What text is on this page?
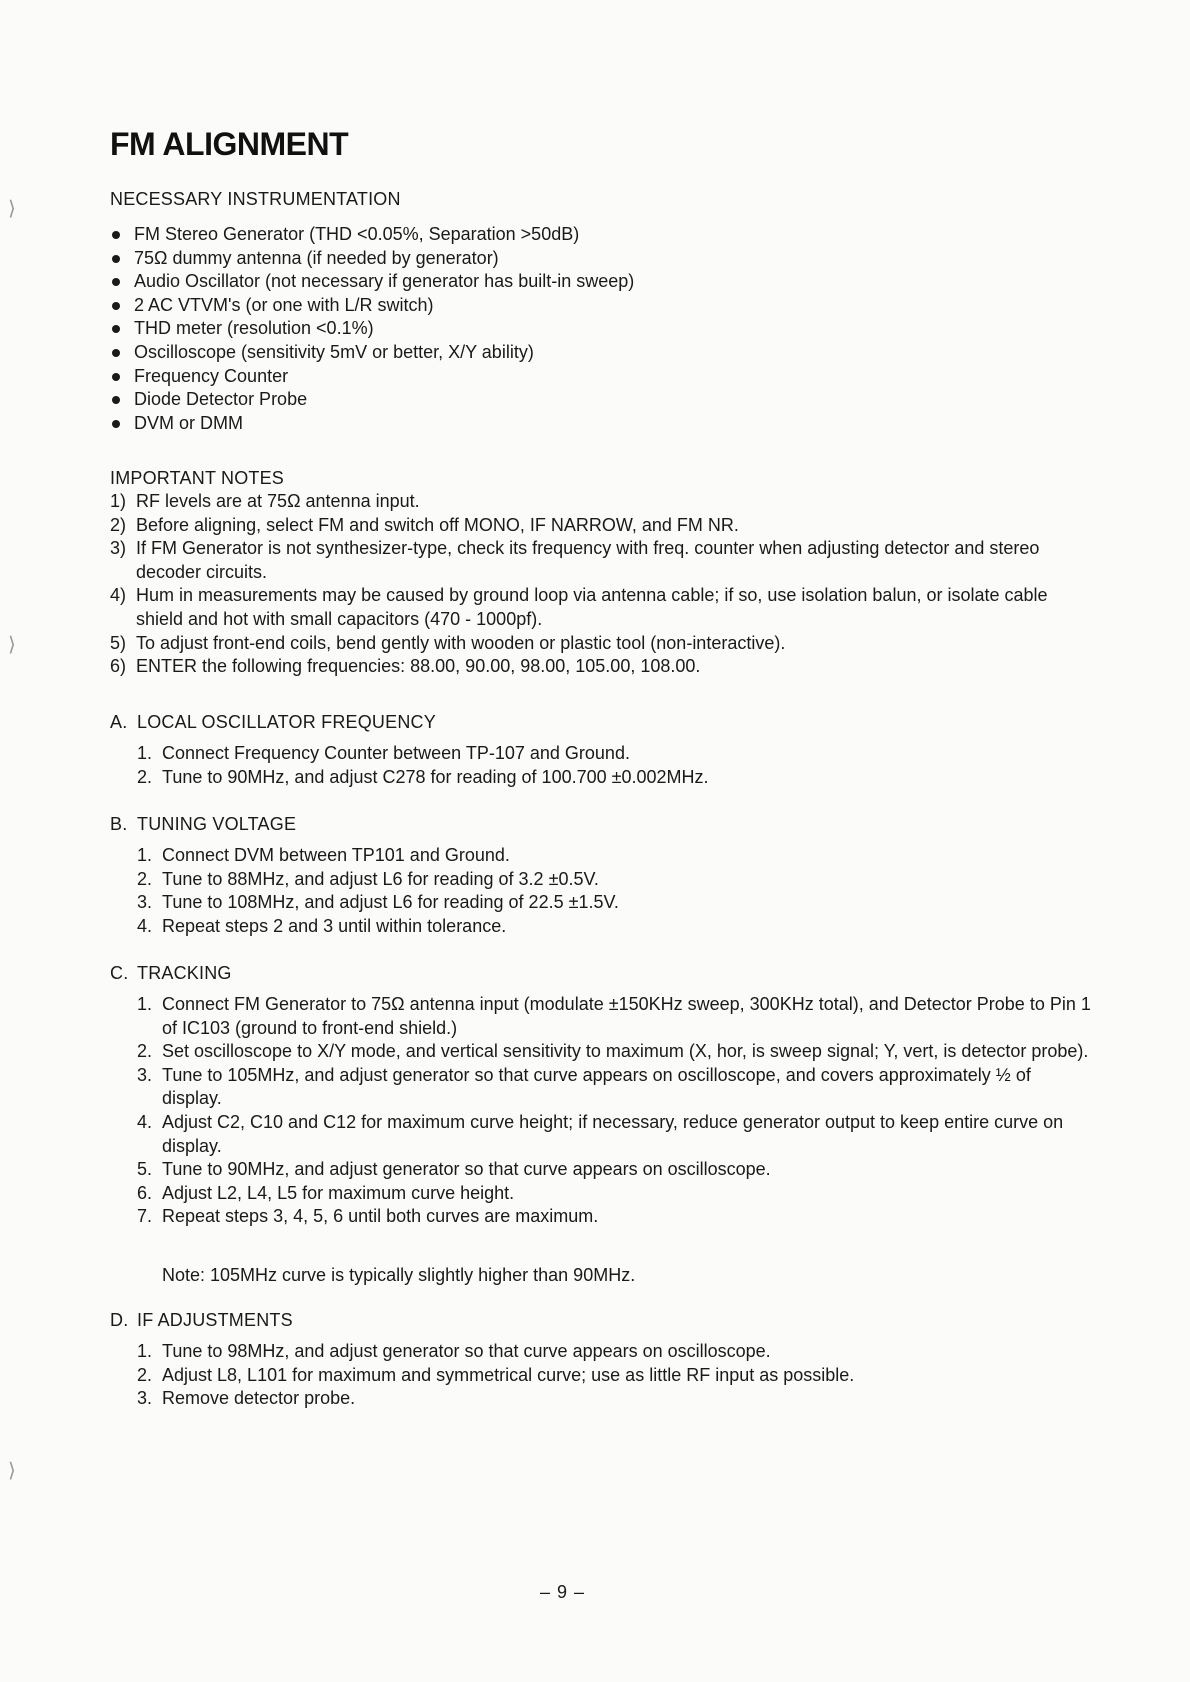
⟩
⟩
⟩
FM ALIGNMENT
NECESSARY INSTRUMENTATION
FM Stereo Generator (THD <0.05%, Separation >50dB)
75Ω dummy antenna (if needed by generator)
Audio Oscillator (not necessary if generator has built-in sweep)
2 AC VTVM's (or one with L/R switch)
THD meter (resolution <0.1%)
Oscilloscope (sensitivity 5mV or better, X/Y ability)
Frequency Counter
Diode Detector Probe
DVM or DMM
IMPORTANT NOTES
1) RF levels are at 75Ω antenna input.
2) Before aligning, select FM and switch off MONO, IF NARROW, and FM NR.
3) If FM Generator is not synthesizer-type, check its frequency with freq. counter when adjusting detector and stereo decoder circuits.
4) Hum in measurements may be caused by ground loop via antenna cable; if so, use isolation balun, or isolate cable shield and hot with small capacitors (470 - 1000pf).
5) To adjust front-end coils, bend gently with wooden or plastic tool (non-interactive).
6) ENTER the following frequencies: 88.00, 90.00, 98.00, 105.00, 108.00.
A. LOCAL OSCILLATOR FREQUENCY
1. Connect Frequency Counter between TP-107 and Ground.
2. Tune to 90MHz, and adjust C278 for reading of 100.700 ±0.002MHz.
B. TUNING VOLTAGE
1. Connect DVM between TP101 and Ground.
2. Tune to 88MHz, and adjust L6 for reading of 3.2 ±0.5V.
3. Tune to 108MHz, and adjust L6 for reading of 22.5 ±1.5V.
4. Repeat steps 2 and 3 until within tolerance.
C. TRACKING
1. Connect FM Generator to 75Ω antenna input (modulate ±150KHz sweep, 300KHz total), and Detector Probe to Pin 1 of IC103 (ground to front-end shield.)
2. Set oscilloscope to X/Y mode, and vertical sensitivity to maximum (X, hor, is sweep signal; Y, vert, is detector probe).
3. Tune to 105MHz, and adjust generator so that curve appears on oscilloscope, and covers approximately ½ of display.
4. Adjust C2, C10 and C12 for maximum curve height; if necessary, reduce generator output to keep entire curve on display.
5. Tune to 90MHz, and adjust generator so that curve appears on oscilloscope.
6. Adjust L2, L4, L5 for maximum curve height.
7. Repeat steps 3, 4, 5, 6 until both curves are maximum.
Note: 105MHz curve is typically slightly higher than 90MHz.
D. IF ADJUSTMENTS
1. Tune to 98MHz, and adjust generator so that curve appears on oscilloscope.
2. Adjust L8, L101 for maximum and symmetrical curve; use as little RF input as possible.
3. Remove detector probe.
– 9 –
